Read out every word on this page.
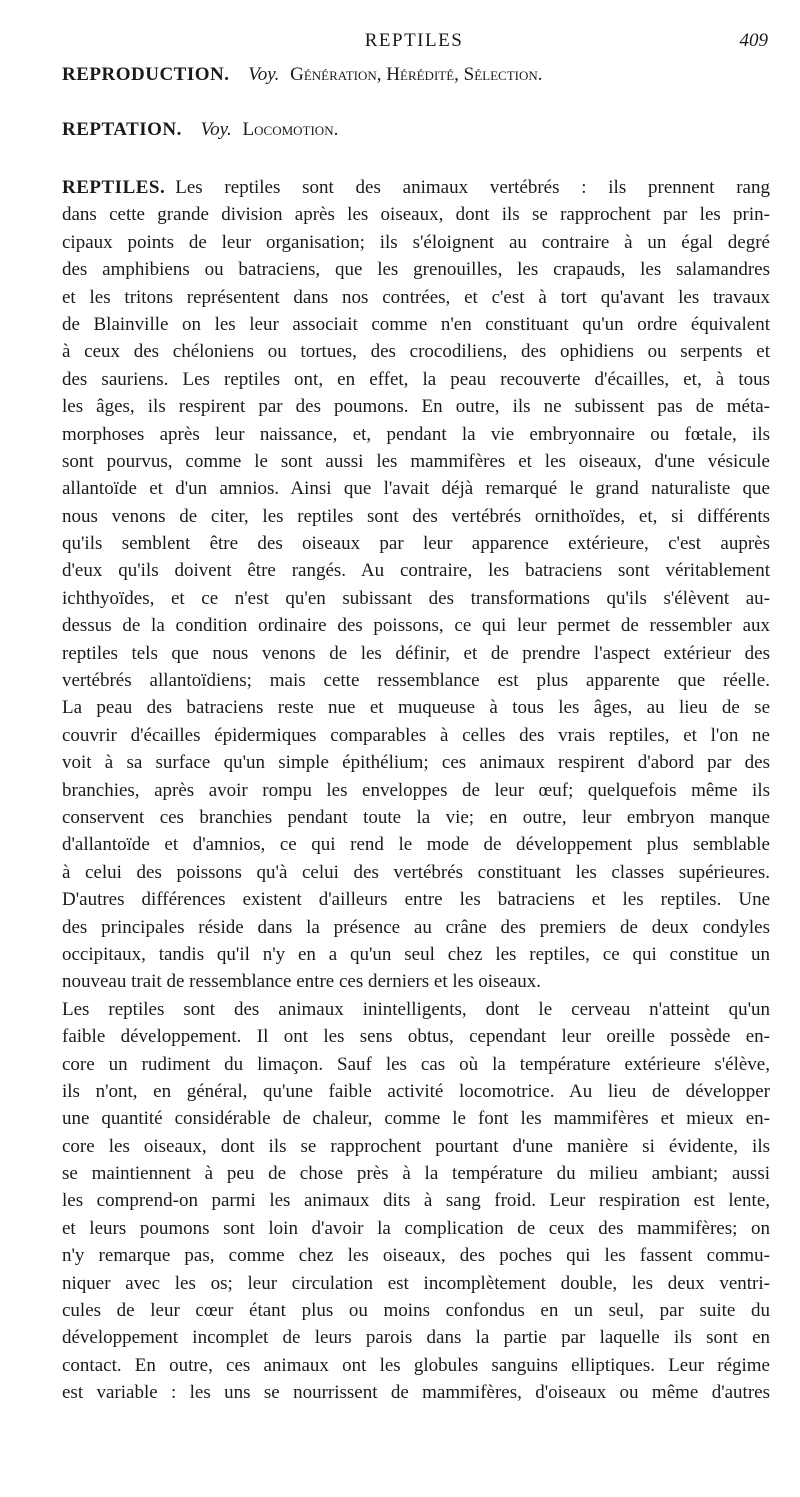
REPTILES	409
REPRODUCTION. Voy. Génération, Hérédité, Sélection.
REPTATION. Voy. Locomotion.
REPTILES. Les reptiles sont des animaux vertébrés : ils prennent rang
dans cette grande division après les oiseaux, dont ils se rapprochent par les prin-
cipaux points de leur organisation; ils s'éloignent au contraire à un égal degré
des amphibiens ou batraciens, que les grenouilles, les crapauds, les salamandres
et les tritons représentent dans nos contrées, et c'est à tort qu'avant les travaux
de Blainville on les leur associait comme n'en constituant qu'un ordre équivalent
à ceux des chéloniens ou tortues, des crocodiliens, des ophidiens ou serpents et
des sauriens. Les reptiles ont, en effet, la peau recouverte d'écailles, et, à tous
les âges, ils respirent par des poumons. En outre, ils ne subissent pas de méta-
morphoses après leur naissance, et, pendant la vie embryonnaire ou fœtale, ils
sont pourvus, comme le sont aussi les mammifères et les oiseaux, d'une vésicule
allantoïde et d'un amnios. Ainsi que l'avait déjà remarqué le grand naturaliste que
nous venons de citer, les reptiles sont des vertébrés ornithoïdes, et, si différents
qu'ils semblent être des oiseaux par leur apparence extérieure, c'est auprès
d'eux qu'ils doivent être rangés. Au contraire, les batraciens sont véritablement
ichthyoïdes, et ce n'est qu'en subissant des transformations qu'ils s'élèvent au-
dessus de la condition ordinaire des poissons, ce qui leur permet de ressembler aux
reptiles tels que nous venons de les définir, et de prendre l'aspect extérieur des
vertébrés allantoïdiens; mais cette ressemblance est plus apparente que réelle.
La peau des batraciens reste nue et muqueuse à tous les âges, au lieu de se
couvrir d'écailles épidermiques comparables à celles des vrais reptiles, et l'on ne
voit à sa surface qu'un simple épithélium; ces animaux respirent d'abord par des
branchies, après avoir rompu les enveloppes de leur œuf; quelquefois même ils
conservent ces branchies pendant toute la vie; en outre, leur embryon manque
d'allantoïde et d'amnios, ce qui rend le mode de développement plus semblable
à celui des poissons qu'à celui des vertébrés constituant les classes supérieures.
D'autres différences existent d'ailleurs entre les batraciens et les reptiles. Une
des principales réside dans la présence au crâne des premiers de deux condyles
occipitaux, tandis qu'il n'y en a qu'un seul chez les reptiles, ce qui constitue un
nouveau trait de ressemblance entre ces derniers et les oiseaux.
Les reptiles sont des animaux inintelligents, dont le cerveau n'atteint qu'un
faible développement. Il ont les sens obtus, cependant leur oreille possède en-
core un rudiment du limaçon. Sauf les cas où la température extérieure s'élève,
ils n'ont, en général, qu'une faible activité locomotrice. Au lieu de développer
une quantité considérable de chaleur, comme le font les mammifères et mieux en-
core les oiseaux, dont ils se rapprochent pourtant d'une manière si évidente, ils
se maintiennent à peu de chose près à la température du milieu ambiant; aussi
les comprend-on parmi les animaux dits à sang froid. Leur respiration est lente,
et leurs poumons sont loin d'avoir la complication de ceux des mammifères; on
n'y remarque pas, comme chez les oiseaux, des poches qui les fassent commu-
niquer avec les os; leur circulation est incomplètement double, les deux ventri-
cules de leur cœur étant plus ou moins confondus en un seul, par suite du
développement incomplet de leurs parois dans la partie par laquelle ils sont en
contact. En outre, ces animaux ont les globules sanguins elliptiques. Leur régime
est variable : les uns se nourrissent de mammifères, d'oiseaux ou même d'autres
